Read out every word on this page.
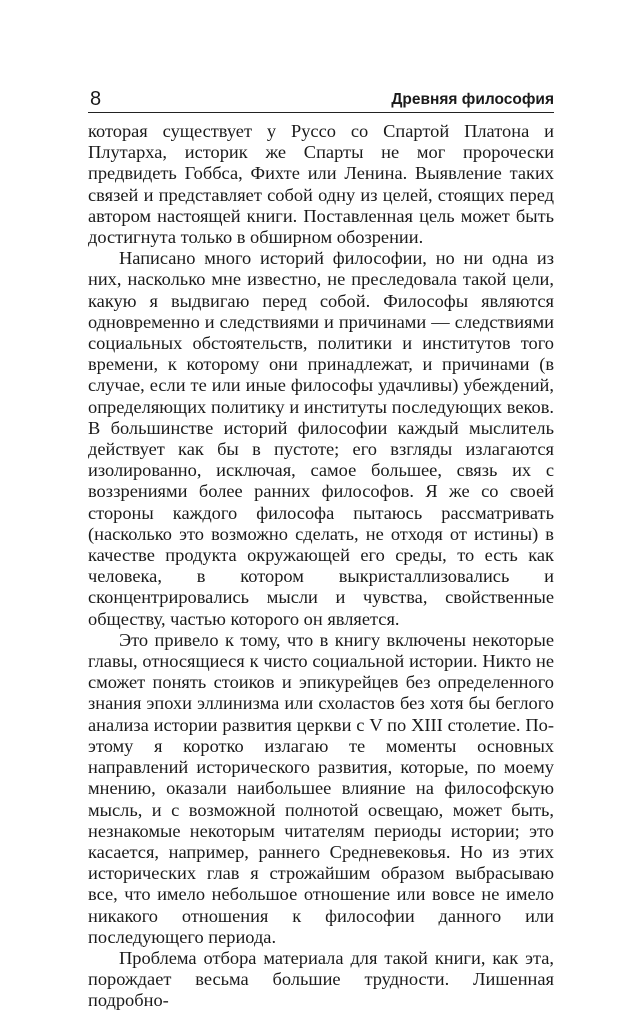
8	Древняя философия

которая существует у Руссо со Спартой Платона и Плутарха, историк же Спарты не мог пророчески предвидеть Гоббса, Фихте или Ленина. Выявление таких связей и представляет собой одну из целей, стоящих перед автором настоящей книги. Поставленная цель может быть достигнута только в обширном обозрении.

Написано много историй философии, но ни одна из них, насколько мне известно, не преследовала такой цели, какую я выдвигаю перед собой. Философы являются одновременно и следствиями и причинами — следствиями социальных обстоятельств, политики и институтов того времени, к которому они принадлежат, и причинами (в случае, если те или иные философы удачливы) убеждений, определяющих политику и институты последующих веков. В большинстве историй философии каждый мыслитель действует как бы в пустоте; его взгляды излагаются изолированно, исключая, самое большее, связь их с воззрениями более ранних философов. Я же со своей стороны каждого философа пытаюсь рассматривать (насколько это возможно сделать, не отходя от истины) в качестве продукта окружающей его среды, то есть как человека, в котором выкристаллизовались и сконцентрировались мысли и чувства, свойственные обществу, частью которого он является.

Это привело к тому, что в книгу включены некоторые главы, относящиеся к чисто социальной истории. Никто не сможет понять стоиков и эпикурейцев без определенного знания эпохи эллинизма или схоластов без хотя бы беглого анализа истории развития церкви с V по XIII столетие. Поэтому я коротко излагаю те моменты основных направлений исторического развития, которые, по моему мнению, оказали наибольшее влияние на философскую мысль, и с возможной полнотой освещаю, может быть, незнакомые некоторым читателям периоды истории; это касается, например, раннего Средневековья. Но из этих исторических глав я строжайшим образом выбрасываю все, что имело небольшое отношение или вовсе не имело никакого отношения к философии данного или последующего периода.

Проблема отбора материала для такой книги, как эта, порождает весьма большие трудности. Лишенная подробно-
